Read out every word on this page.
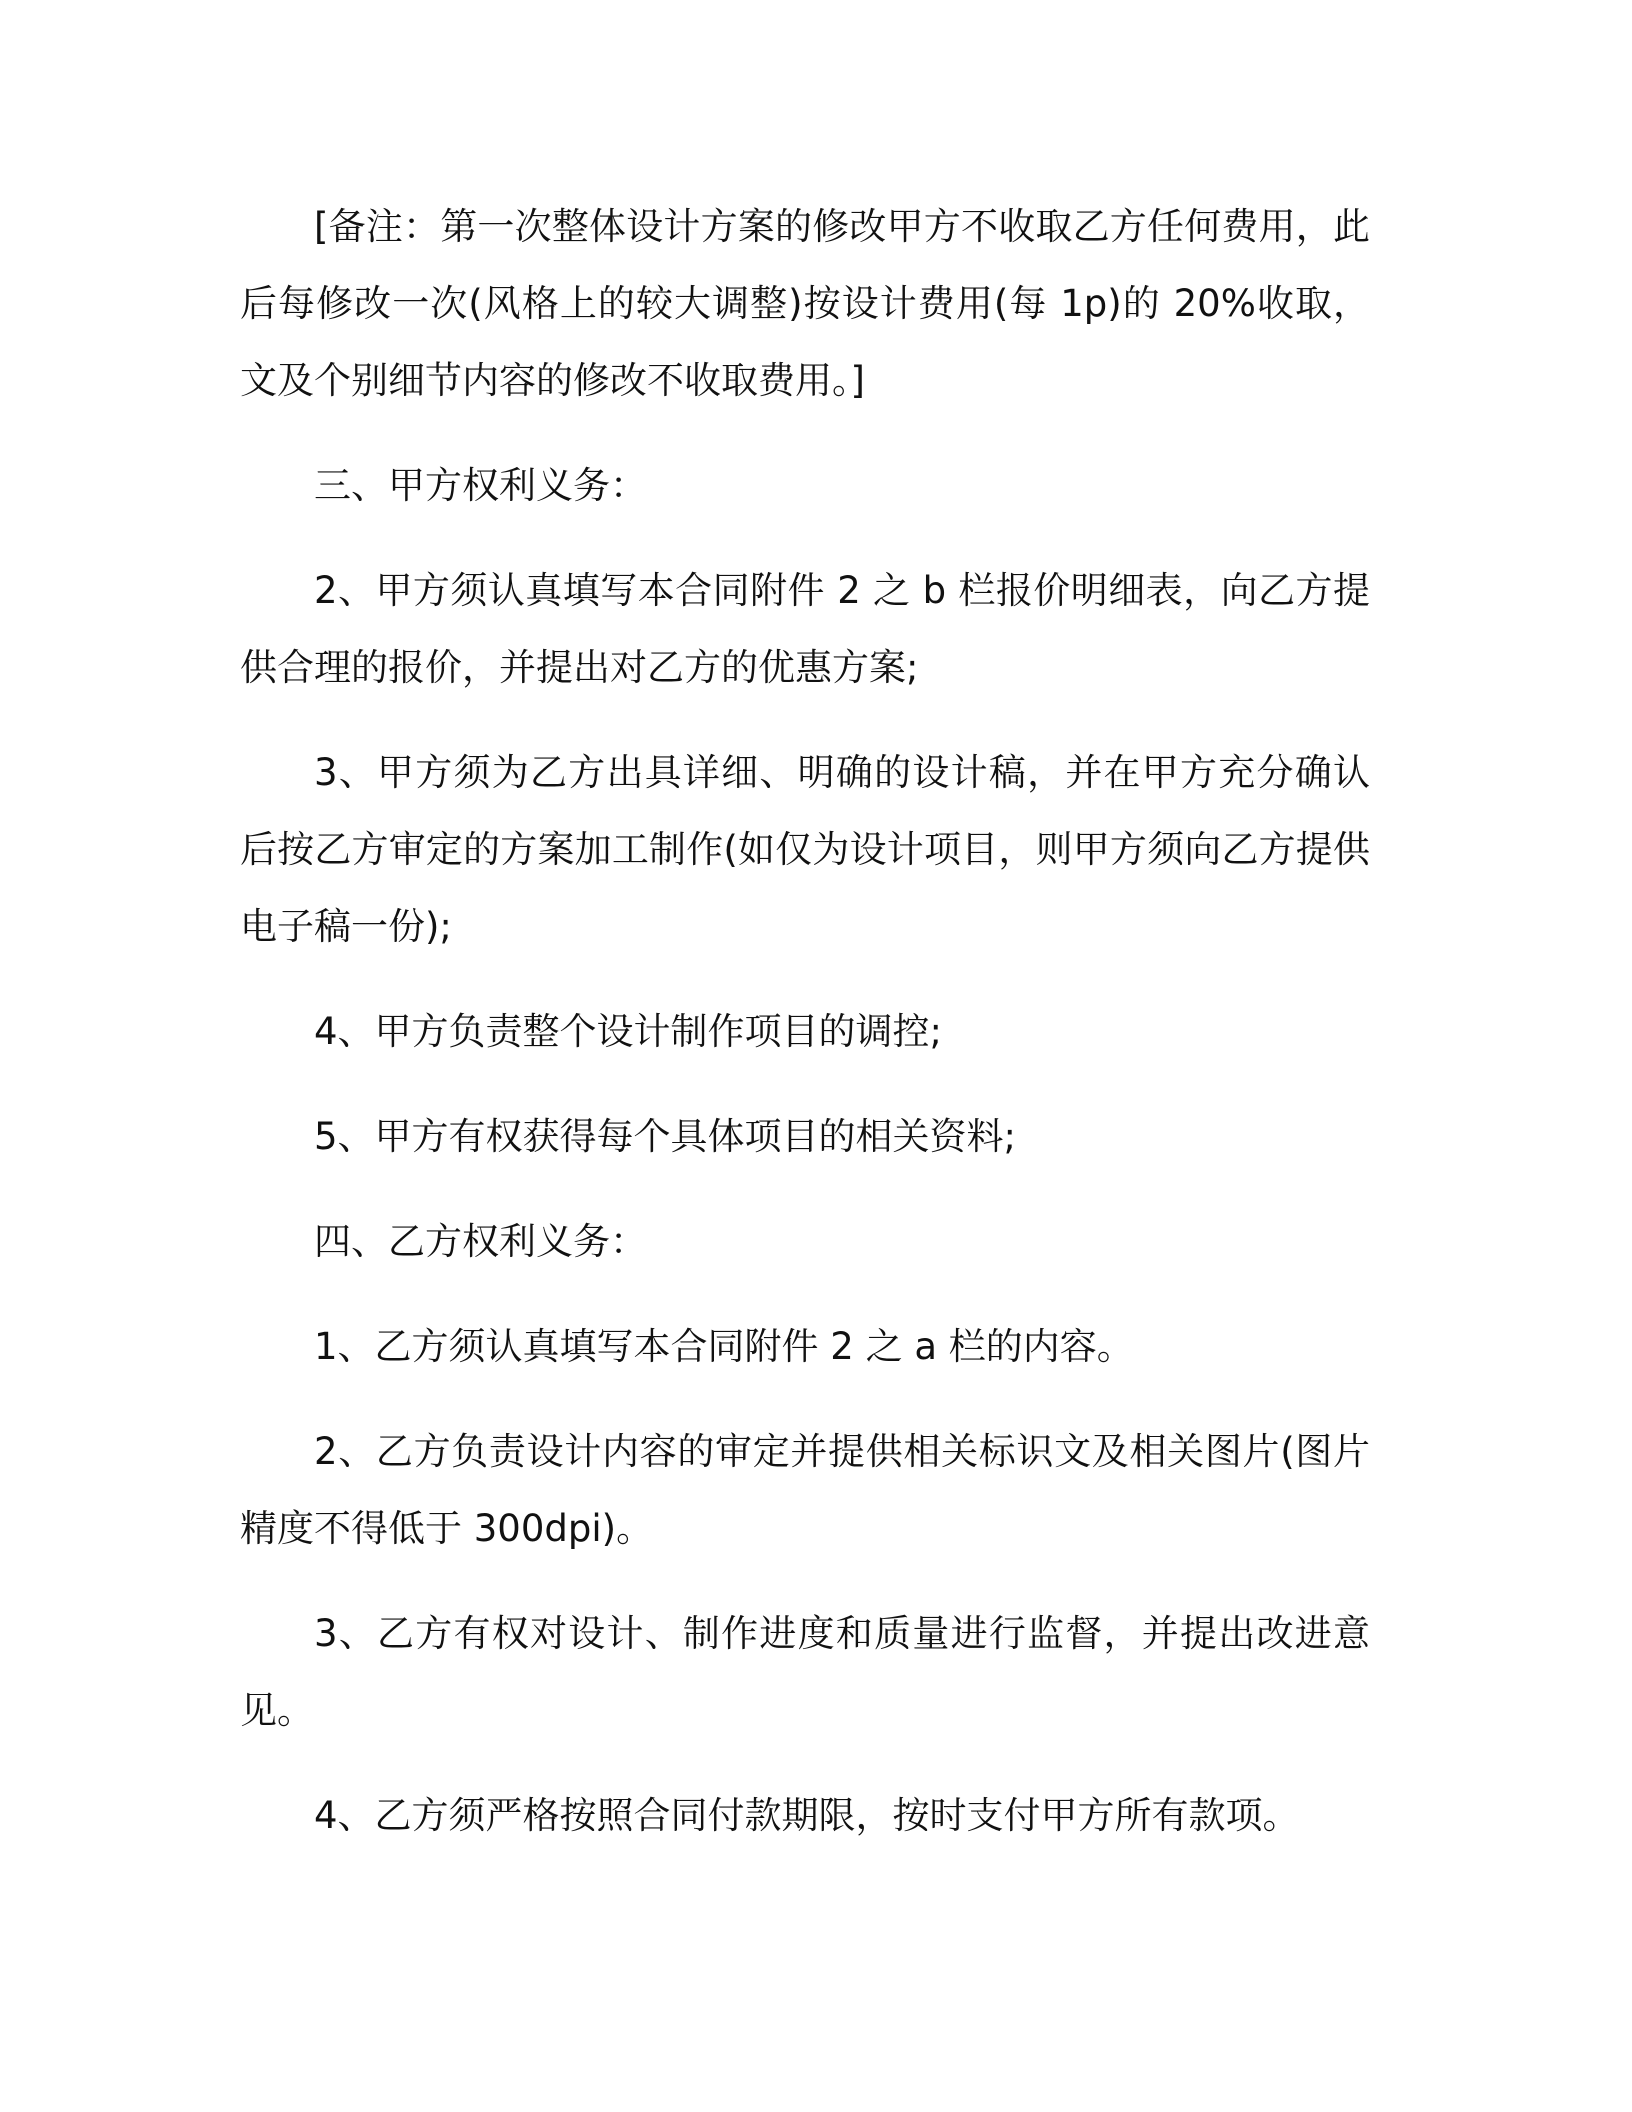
[备注：第一次整体设计方案的修改甲方不收取乙方任何费用，此后每修改一次(风格上的较大调整)按设计费用(每 1p)的 20%收取，文及个别细节内容的修改不收取费用。]

三、甲方权利义务：

2、甲方须认真填写本合同附件 2 之 b 栏报价明细表，向乙方提供合理的报价，并提出对乙方的优惠方案;

3、甲方须为乙方出具详细、明确的设计稿，并在甲方充分确认后按乙方审定的方案加工制作(如仅为设计项目，则甲方须向乙方提供电子稿一份);

4、甲方负责整个设计制作项目的调控;

5、甲方有权获得每个具体项目的相关资料;

四、乙方权利义务：

1、乙方须认真填写本合同附件 2 之 a 栏的内容。

2、乙方负责设计内容的审定并提供相关标识文及相关图片(图片精度不得低于 300dpi)。

3、乙方有权对设计、制作进度和质量进行监督，并提出改进意见。

4、乙方须严格按照合同付款期限，按时支付甲方所有款项。
